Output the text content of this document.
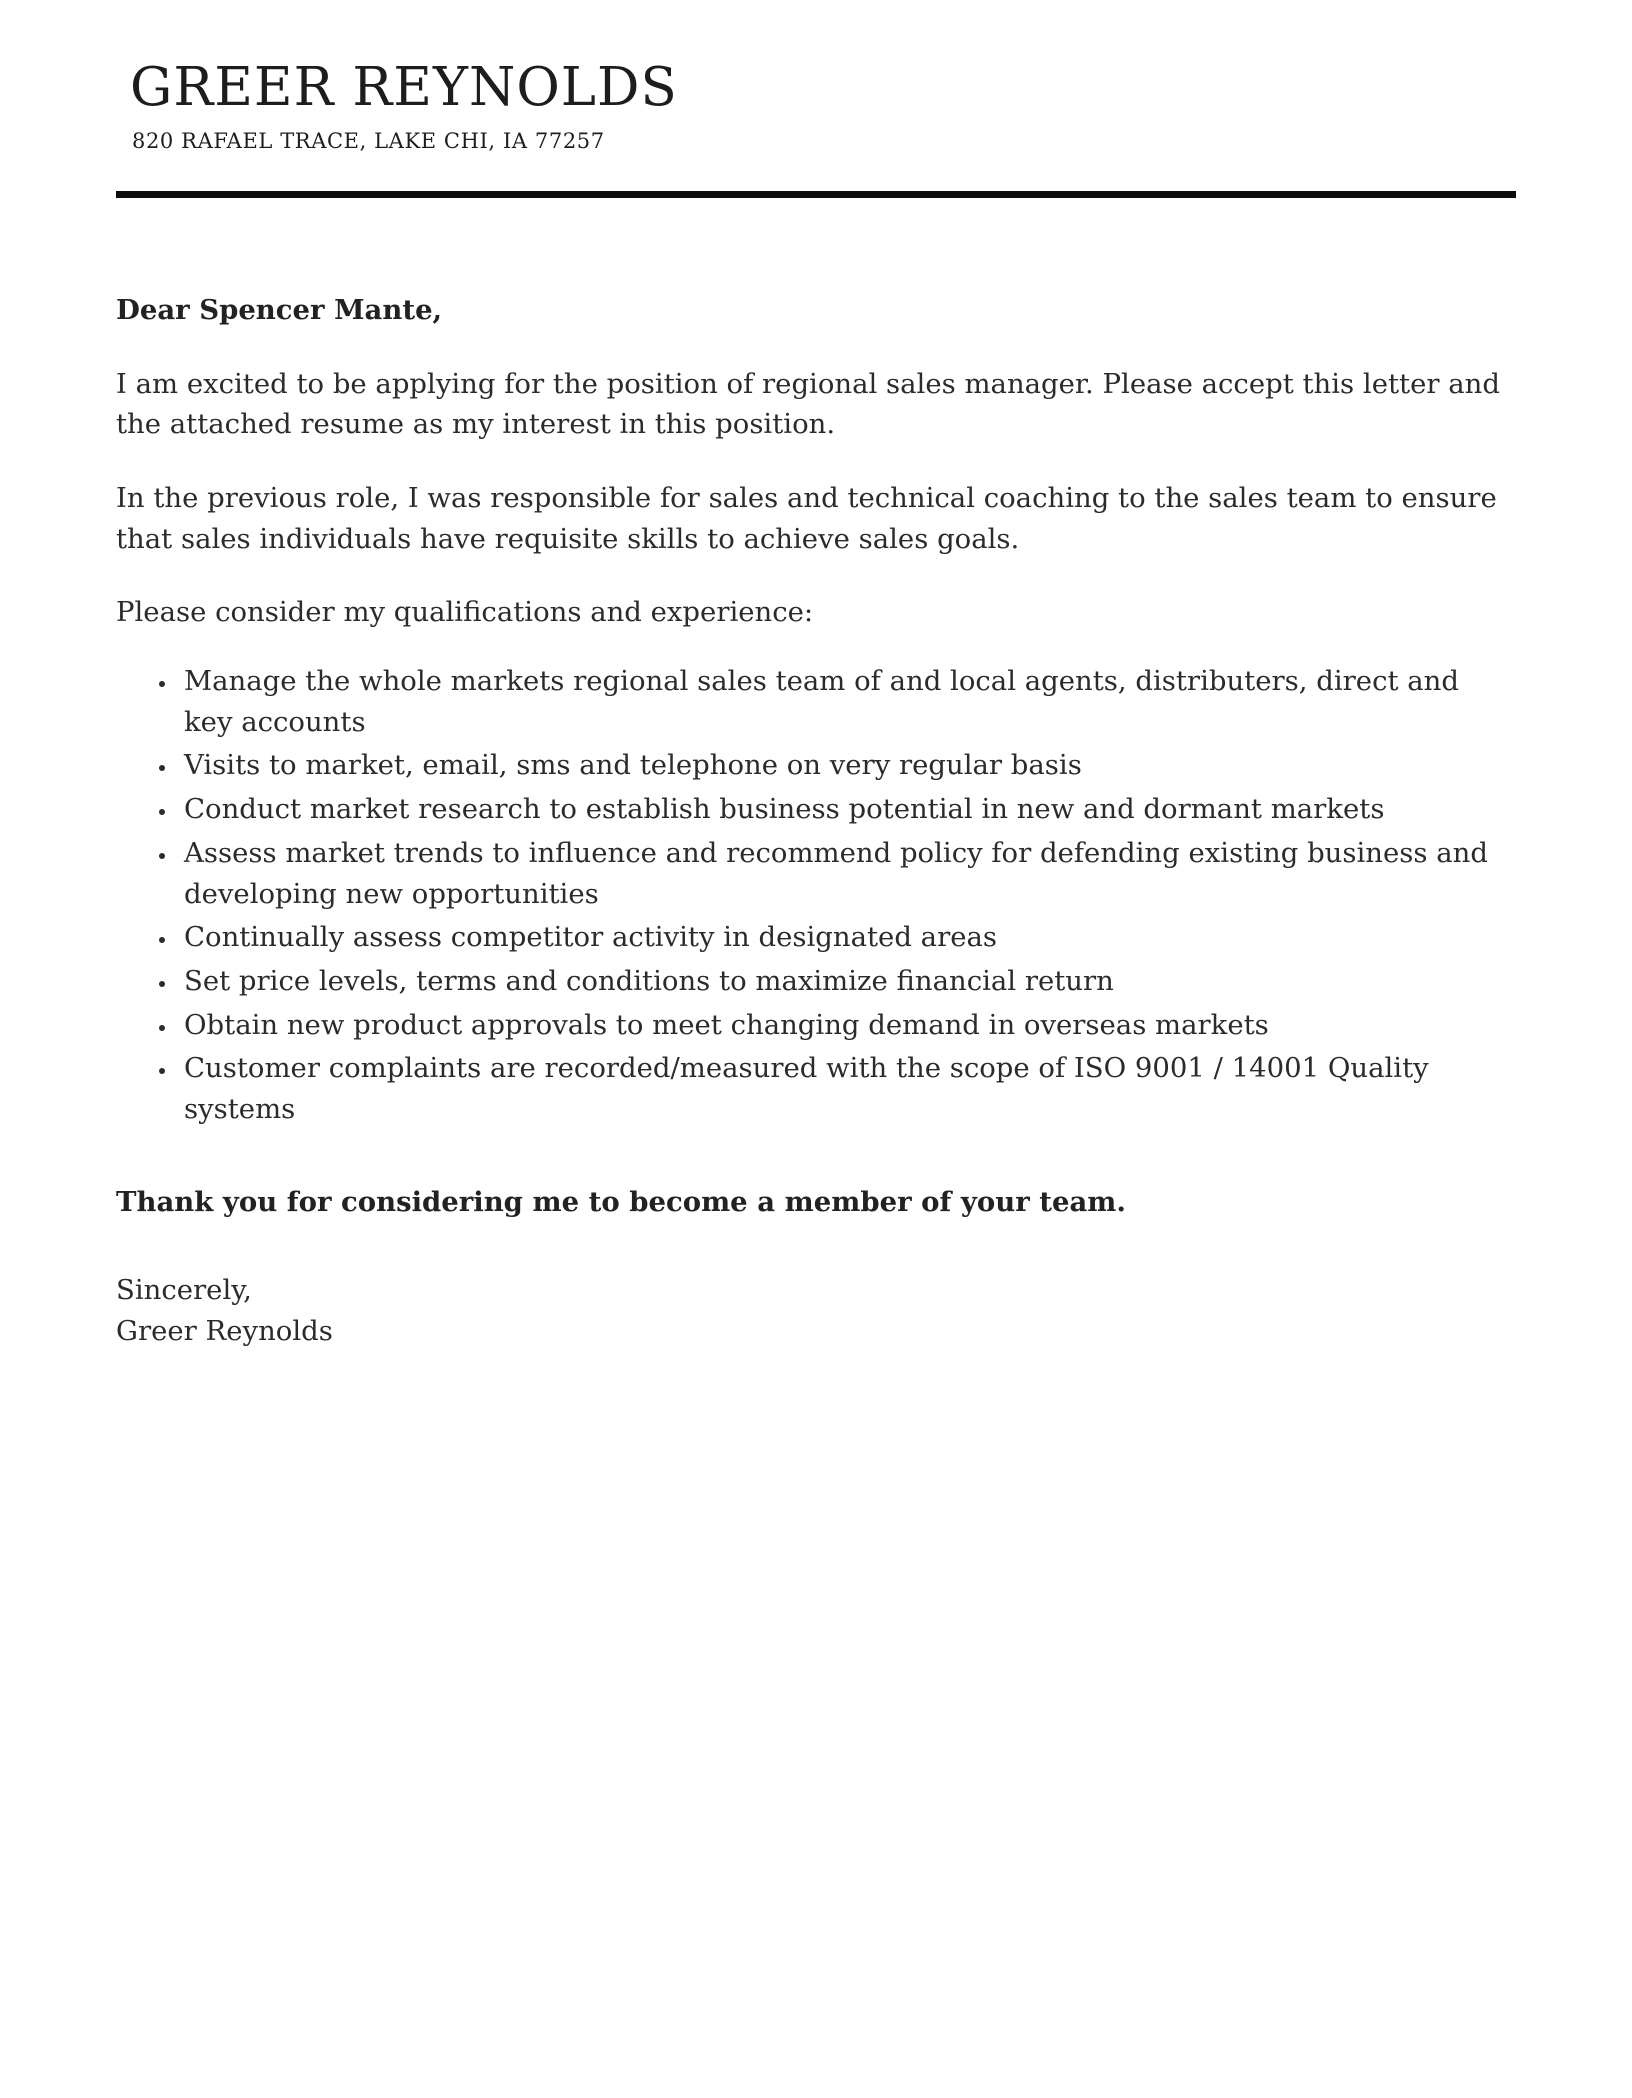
GREER REYNOLDS
820 RAFAEL TRACE, LAKE CHI, IA 77257
Dear Spencer Mante,

I am excited to be applying for the position of regional sales manager. Please accept this letter and the attached resume as my interest in this position.

In the previous role, I was responsible for sales and technical coaching to the sales team to ensure that sales individuals have requisite skills to achieve sales goals.

Please consider my qualifications and experience:

• Manage the whole markets regional sales team of and local agents, distributers, direct and key accounts
• Visits to market, email, sms and telephone on very regular basis
• Conduct market research to establish business potential in new and dormant markets
• Assess market trends to influence and recommend policy for defending existing business and developing new opportunities
• Continually assess competitor activity in designated areas
• Set price levels, terms and conditions to maximize financial return
• Obtain new product approvals to meet changing demand in overseas markets
• Customer complaints are recorded/measured with the scope of ISO 9001 / 14001 Quality systems
Thank you for considering me to become a member of your team.
Sincerely,
Greer Reynolds
